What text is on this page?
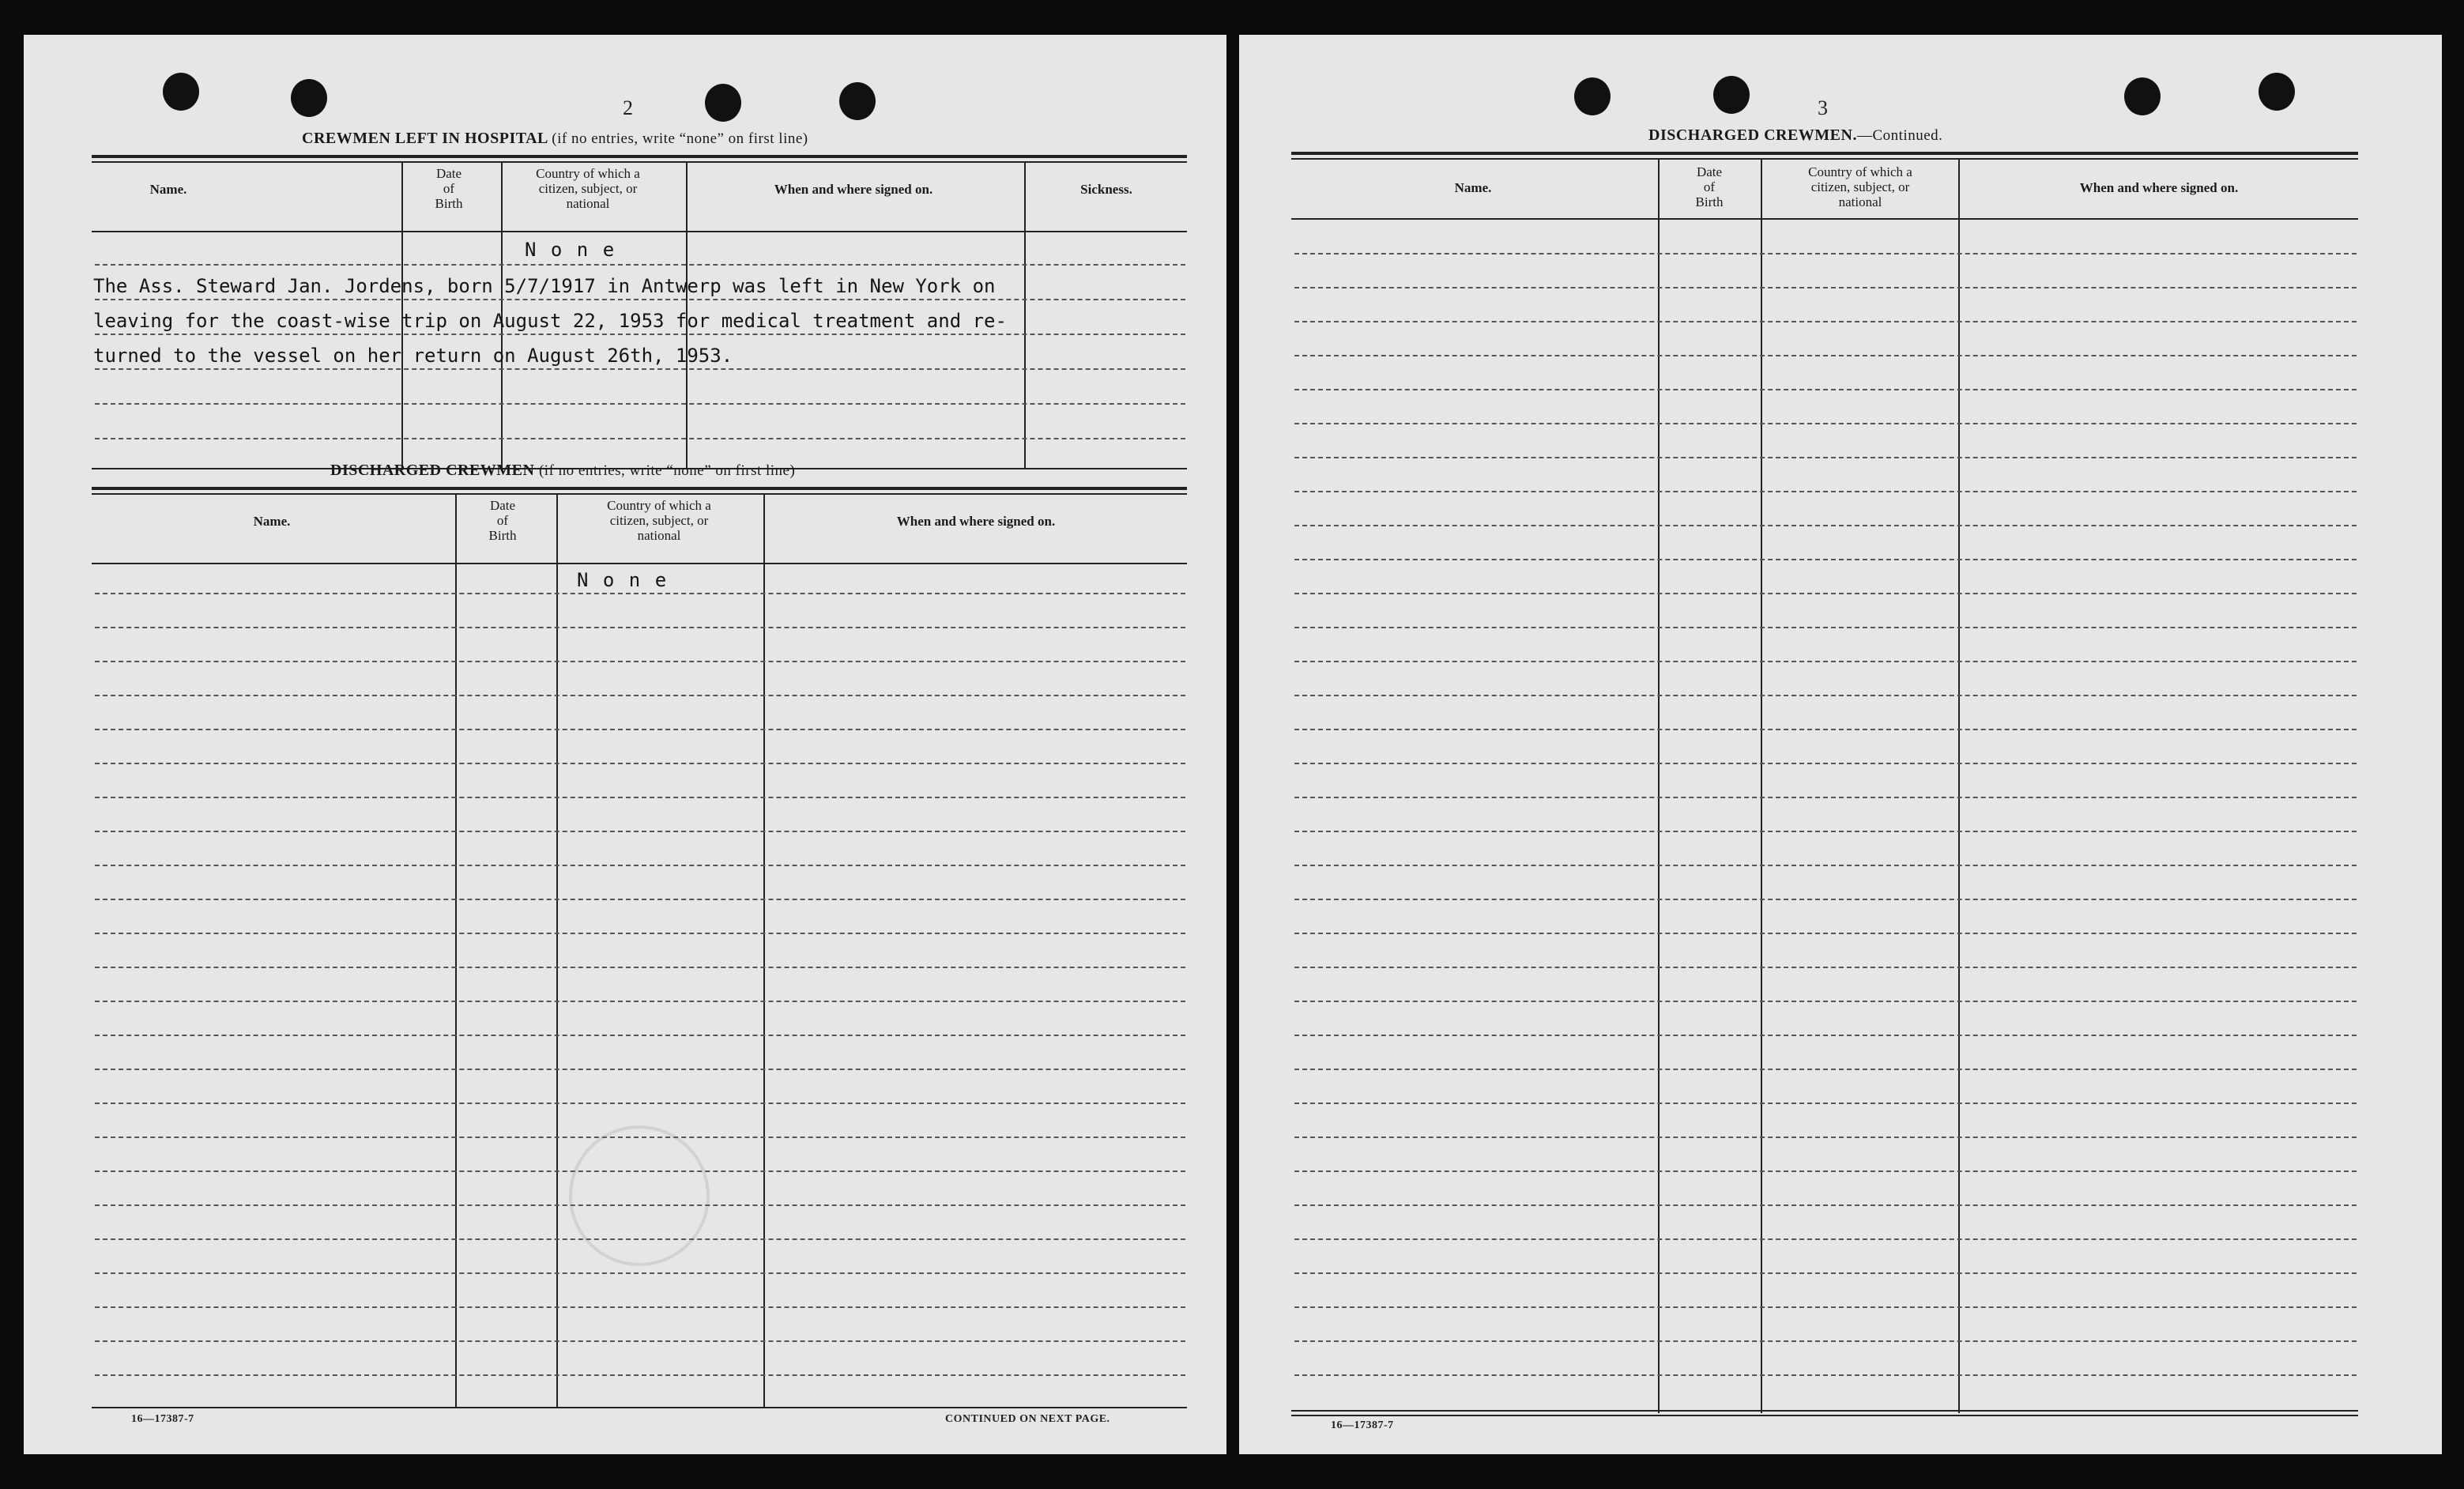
2
CREWMEN LEFT IN HOSPITAL (if no entries, write “none” on first line)
Name.
Date
of
Birth
Country of which a
citizen, subject, or
national
When and where signed on.	Sickness.
N o n e
The Ass. Steward Jan. Jordens, born 5/7/1917 in Antwerp was left in New York on
leaving for the coast-wise trip on August 22, 1953 for medical treatment and re-
turned to the vessel on her return on August 26th, 1953.
DISCHARGED CREWMEN (if no entries, write “none” on first line)
Name.
Date
of
Birth
Country of which a
citizen, subject, or
national
When and where signed on.
N o n e
16—17387-7	CONTINUED ON NEXT PAGE.
3
DISCHARGED CREWMEN.—Continued.
Name.
Date
of
Birth
Country of which a
citizen, subject, or
national
When and where signed on.
16—17387-7
